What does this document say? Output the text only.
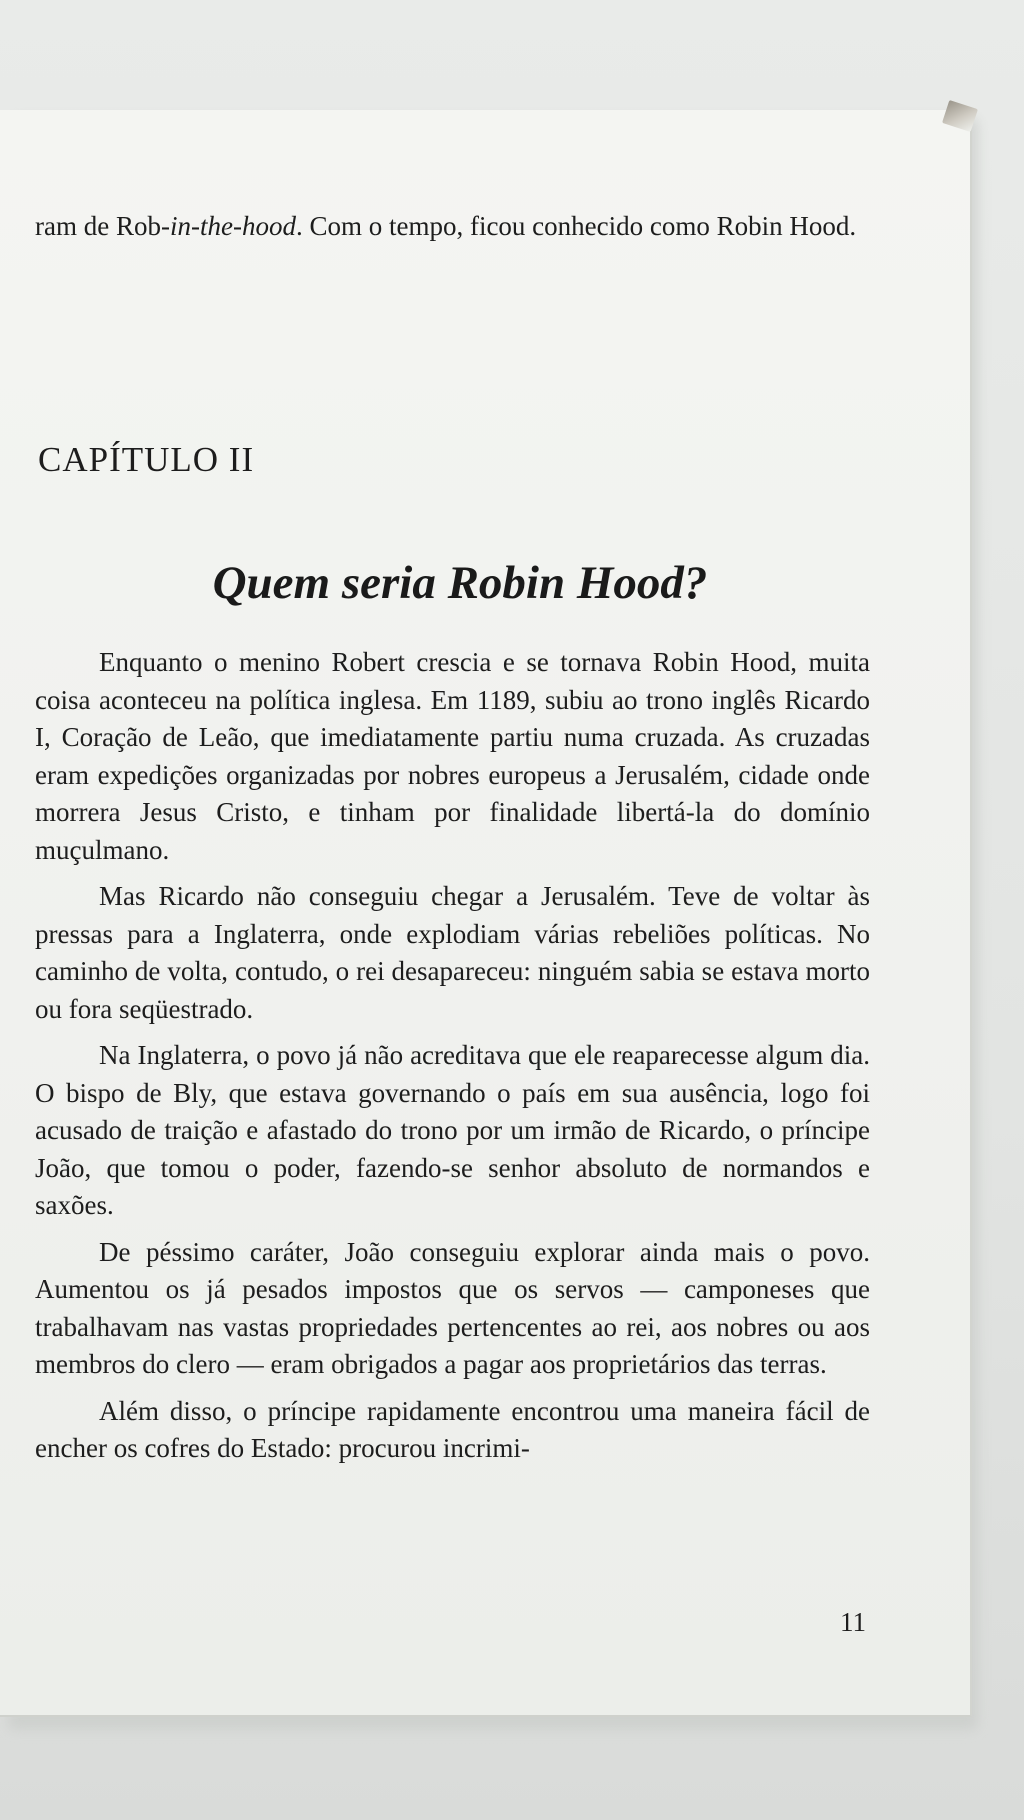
ram de Rob-in-the-hood. Com o tempo, ficou conhecido como Robin Hood.

CAPÍTULO II
Quem seria Robin Hood?

Enquanto o menino Robert crescia e se tornava Robin Hood, muita coisa aconteceu na política inglesa. Em 1189, subiu ao trono inglês Ricardo I, Coração de Leão, que imediatamente partiu numa cruzada. As cruzadas eram expedições organizadas por nobres europeus a Jerusalém, cidade onde morrera Jesus Cristo, e tinham por finalidade libertá-la do domínio muçulmano.

Mas Ricardo não conseguiu chegar a Jerusalém. Teve de voltar às pressas para a Inglaterra, onde explodiam várias rebeliões políticas. No caminho de volta, contudo, o rei desapareceu: ninguém sabia se estava morto ou fora seqüestrado.

Na Inglaterra, o povo já não acreditava que ele reaparecesse algum dia. O bispo de Bly, que estava governando o país em sua ausência, logo foi acusado de traição e afastado do trono por um irmão de Ricardo, o príncipe João, que tomou o poder, fazendo-se senhor absoluto de normandos e saxões.

De péssimo caráter, João conseguiu explorar ainda mais o povo. Aumentou os já pesados impostos que os servos — camponeses que trabalhavam nas vastas propriedades pertencentes ao rei, aos nobres ou aos membros do clero — eram obrigados a pagar aos proprietários das terras.

Além disso, o príncipe rapidamente encontrou uma maneira fácil de encher os cofres do Estado: procurou incrimi-

11
